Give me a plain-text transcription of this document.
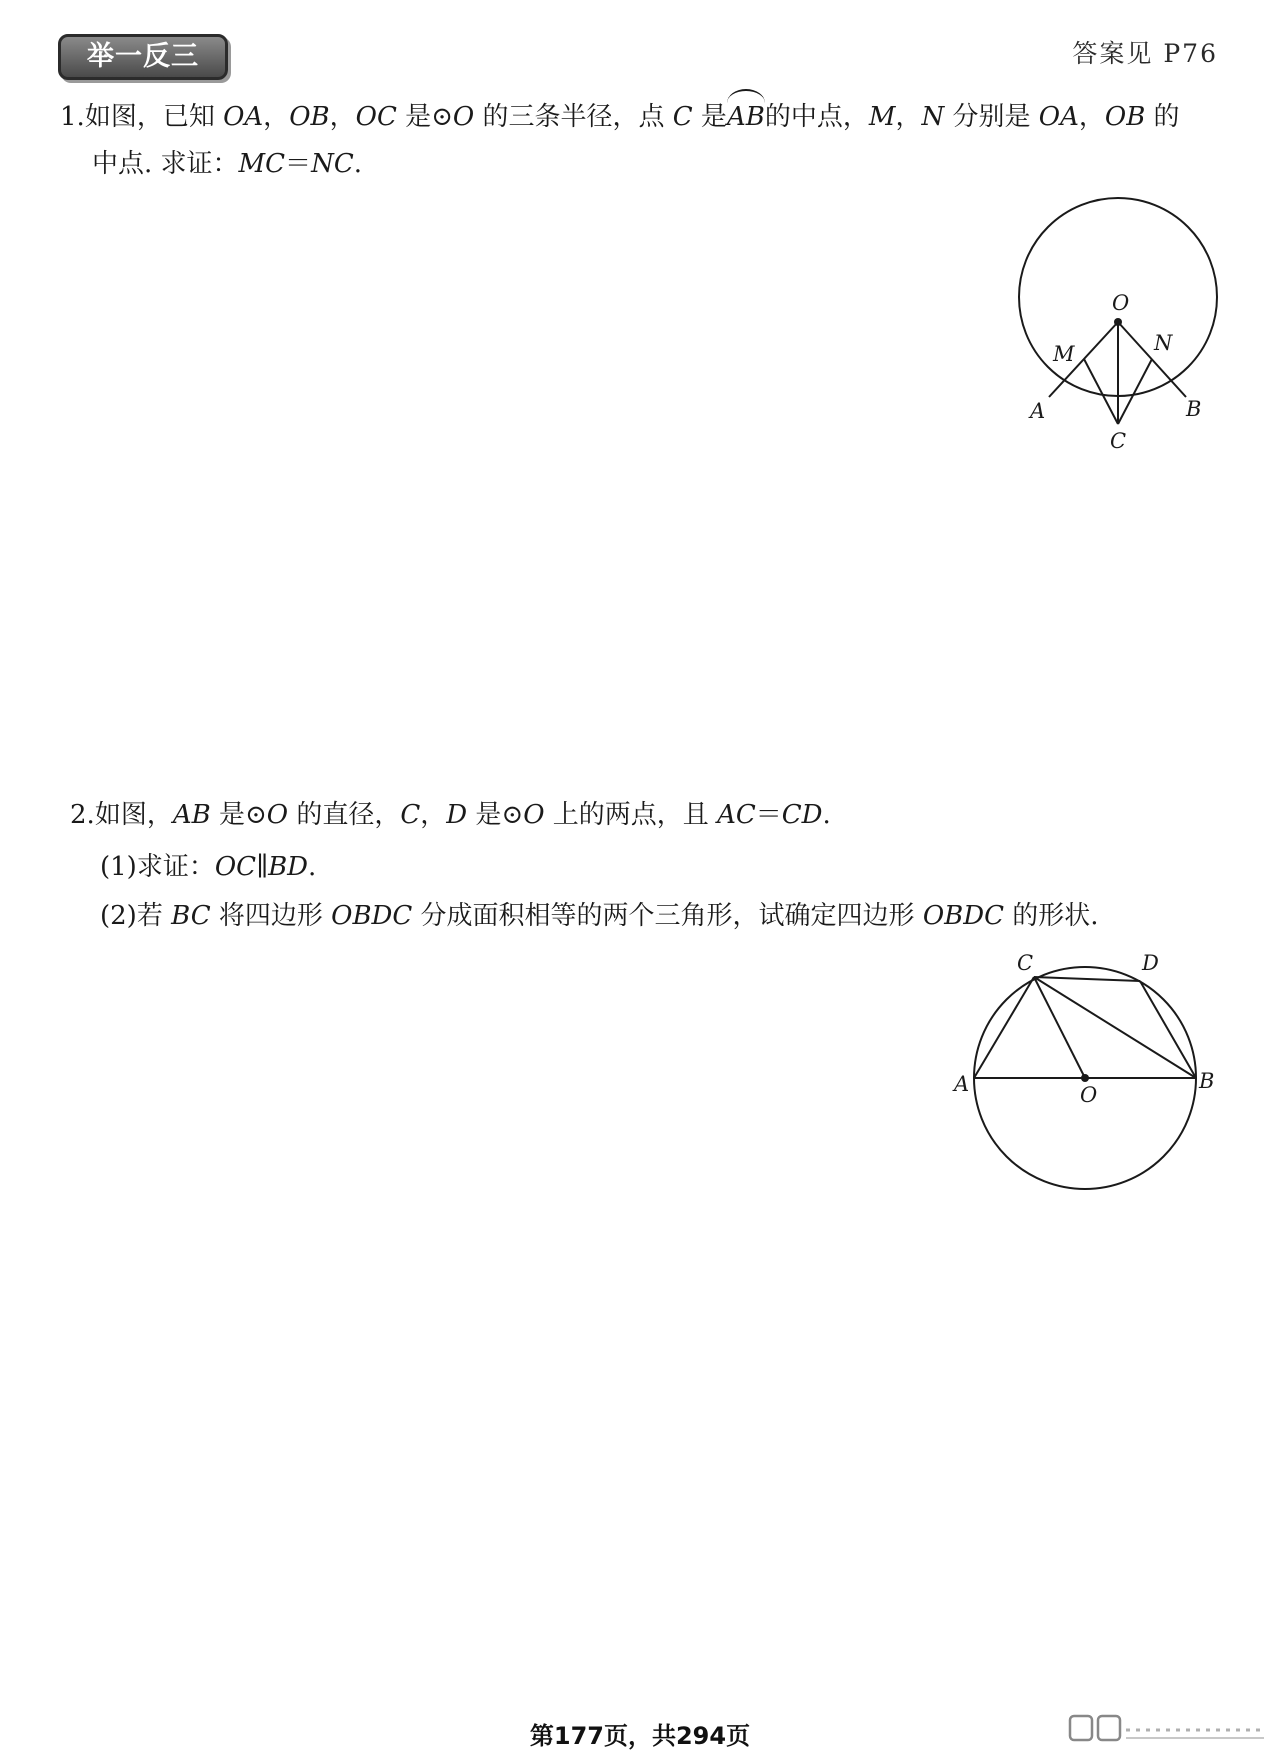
举一反三	答案见 P76
1.如图，已知 OA，OB，OC 是⊙O 的三条半径，点 C 是
AB的中点，M，N 分别是 OA，OB 的
中点. 求证：MC＝NC.
O
M	N
A	B
C
2.如图，AB 是⊙O 的直径，C，D 是⊙O 上的两点，且 AC＝CD.
(1)求证：OC∥BD.
(2)若 BC 将四边形 OBDC 分成面积相等的两个三角形，试确定四边形 OBDC 的形状.
C	D
A	O
B
第177页，共294页
